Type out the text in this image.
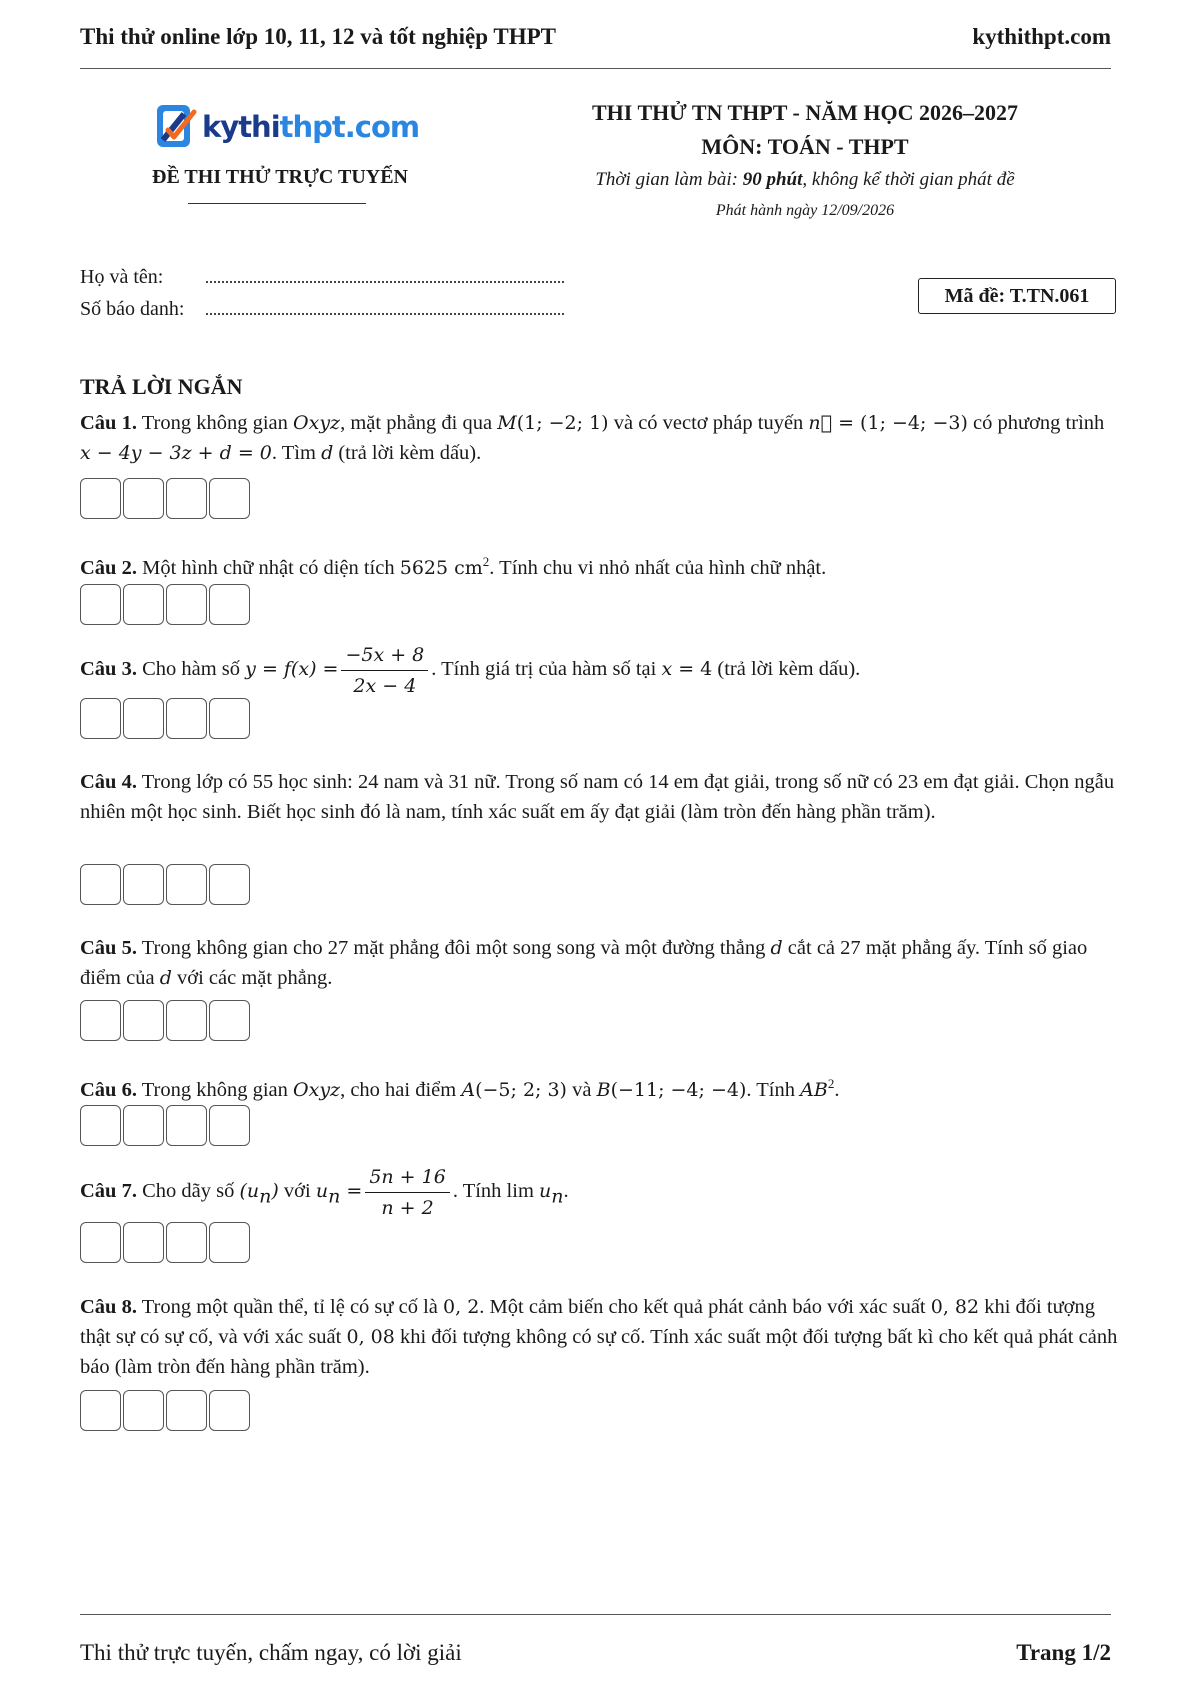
Thi thử online lớp 10, 11, 12 và tốt nghiệp THPT	kythithpt.com
kythithpt.com
ĐỀ THI THỬ TRỰC TUYẾN
THI THỬ TN THPT - NĂM HỌC 2026–2027
MÔN: TOÁN - THPT
Thời gian làm bài: 90 phút, không kể thời gian phát đề
Phát hành ngày 12/09/2026
Họ và tên:
Số báo danh:
Mã đề: T.TN.061
TRẢ LỜI NGẮN
Câu 1. Trong không gian Oxyz, mặt phẳng đi qua M(1; −2; 1) và có vectơ pháp tuyến n⃗ = (1; −4; −3) có phương trình x − 4y − 3z + d = 0. Tìm d (trả lời kèm dấu).
Câu 2. Một hình chữ nhật có diện tích 5625 $cm^2$. Tính chu vi nhỏ nhất của hình chữ nhật.
Câu 3. Cho hàm số $y = f(x) = \frac{-5x + 8}{2x - 4}$ . Tính giá trị của hàm số tại x = 4 (trả lời kèm dấu).
Câu 4. Trong lớp có 55 học sinh: 24 nam và 31 nữ. Trong số nam có 14 em đạt giải, trong số nữ có 23 em đạt giải. Chọn ngẫu nhiên một học sinh. Biết học sinh đó là nam, tính xác suất em ấy đạt giải (làm tròn đến hàng phần trăm).
Câu 5. Trong không gian cho 27 mặt phẳng đôi một song song và một đường thẳng d cắt cả 27 mặt phẳng ấy. Tính số giao điểm của d với các mặt phẳng.
Câu 6. Trong không gian Oxyz, cho hai điểm A(−5; 2; 3) và B(−11; −4; −4). Tính $AB^2$.
Câu 7. Cho dãy số $(u_n)$ với $u_n = \frac{5n + 16}{n + 2}$ . Tính $\lim u_n$.
Câu 8. Trong một quần thể, tỉ lệ có sự cố là 0, 2. Một cảm biến cho kết quả phát cảnh báo với xác suất 0, 82 khi đối tượng thật sự có sự cố, và với xác suất 0, 08 khi đối tượng không có sự cố. Tính xác suất một đối tượng bất kì cho kết quả phát cảnh báo (làm tròn đến hàng phần trăm).
Thi thử trực tuyến, chấm ngay, có lời giải	Trang 1/2
